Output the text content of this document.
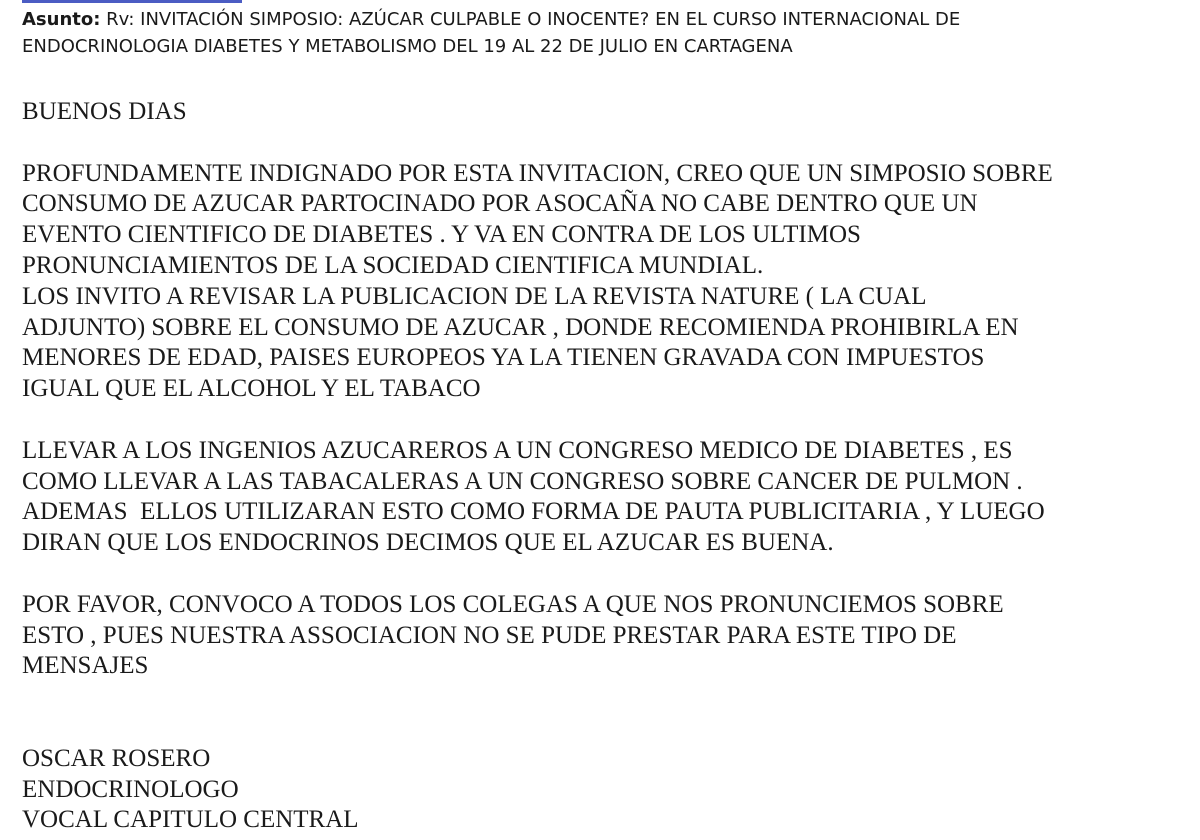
Asunto: Rv: INVITACIÓN SIMPOSIO: AZÚCAR CULPABLE O INOCENTE? EN EL CURSO INTERNACIONAL DE
ENDOCRINOLOGIA DIABETES Y METABOLISMO DEL 19 AL 22 DE JULIO EN CARTAGENA
BUENOS DIAS
PROFUNDAMENTE INDIGNADO POR ESTA INVITACION, CREO QUE UN SIMPOSIO SOBRE
CONSUMO DE AZUCAR PARTOCINADO POR ASOCAÑA NO CABE DENTRO QUE UN
EVENTO CIENTIFICO DE DIABETES . Y VA EN CONTRA DE LOS ULTIMOS
PRONUNCIAMIENTOS DE LA SOCIEDAD CIENTIFICA MUNDIAL.
LOS INVITO A REVISAR LA PUBLICACION DE LA REVISTA NATURE ( LA CUAL
ADJUNTO) SOBRE EL CONSUMO DE AZUCAR , DONDE RECOMIENDA PROHIBIRLA EN
MENORES DE EDAD, PAISES EUROPEOS YA LA TIENEN GRAVADA CON IMPUESTOS
IGUAL QUE EL ALCOHOL Y EL TABACO
LLEVAR A LOS INGENIOS AZUCAREROS A UN CONGRESO MEDICO DE DIABETES , ES
COMO LLEVAR A LAS TABACALERAS A UN CONGRESO SOBRE CANCER DE PULMON .
ADEMAS  ELLOS UTILIZARAN ESTO COMO FORMA DE PAUTA PUBLICITARIA , Y LUEGO
DIRAN QUE LOS ENDOCRINOS DECIMOS QUE EL AZUCAR ES BUENA.
POR FAVOR, CONVOCO A TODOS LOS COLEGAS A QUE NOS PRONUNCIEMOS SOBRE
ESTO , PUES NUESTRA ASSOCIACION NO SE PUDE PRESTAR PARA ESTE TIPO DE
MENSAJES
OSCAR ROSERO
ENDOCRINOLOGO
VOCAL CAPITULO CENTRAL
